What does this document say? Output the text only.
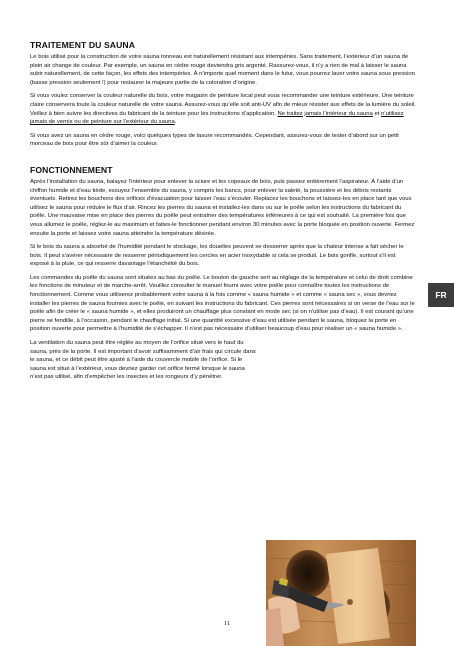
TRAITEMENT DU SAUNA

Le bois utilisé pour la construction de votre sauna tonneau est naturellement résistant aux intempéries. Sans traitement, l’extérieur d’un sauna de plein air change de couleur. Par exemple, un sauna en cèdre rouge deviendra gris argenté. Rassurez-vous, il n’y a rien de mal à laisser le sauna subir naturellement, de cette façon, les effets des intempéries. À n’importe quel moment dans le futur, vous pourrez laver votre sauna sous pression (basse pression seulement !) pour restaurer la majeure partie de la coloration d’origine.

Si vous voulez conserver la couleur naturelle du bois, votre magasin de peinture local peut vous recommander une teinture extérieure. Une teinture claire conservera toute la couleur naturelle de votre sauna. Assurez-vous qu’elle soit anti-UV afin de mieux résister aux effets de la lumière du soleil. Veillez à bien suivre les directives du fabricant de la teinture pour les instructions d’application. Ne traitez jamais l’intérieur du sauna et n’utilisez jamais de vernis ou de peinture sur l’extérieur du sauna.

Si vous avez un sauna en cèdre rouge, voici quelques types de lasure recommandés. Cependant, assurez-vous de tester d’abord sur un petit morceau de bois pour être sûr d’aimer la couleur.

FONCTIONNEMENT

Après l’installation du sauna, balayez l’intérieur pour enlever la sciure et les copeaux de bois, puis passez entièrement l’aspirateur. À l’aide d’un chiffon humide et d’eau tiède, essuyez l’ensemble du sauna, y compris les bancs, pour enlever la saleté, la poussière et les débris restants éventuels. Retirez les bouchons des orifices d’évacuation pour laisser l’eau s’écouler. Replacez les bouchons et laissez-les en place tant que vous utilisez le sauna pour réduire le flux d’air. Rincez les pierres du sauna et installez-les dans ou sur le poêle selon les instructions du fabricant du poêle. Une mauvaise mise en place des pierres du poêle peut entraîner des températures inférieures à ce qui est souhaité. La première fois que vous allumez le poêle, réglez-le au maximum et faites-le fonctionner pendant environ 30 minutes avec la porte bloquée en position ouverte. Fermez ensuite la porte et laissez votre sauna atteindre la température désirée.

Si le bois du sauna a absorbé de l’humidité pendant le stockage, les douelles peuvent se desserrer après que la chaleur intense a fait sécher le bois. Il peut s’avérer nécessaire de resserrer périodiquement les cercles en acier inoxydable si cela se produit. Le bois gonfle, surtout s’il est exposé à la pluie, ce qui resserre davantage l’étanchéité du bois.

Les commandes du poêle du sauna sont situées au bas du poêle. Le bouton de gauche sert au réglage de la température et celui de droit combine les fonctions de minuteur et de marche-arrêt. Veuillez consulter le manuel fourni avec votre poêle pour connaître toutes les instructions de fonctionnement. Comme vous utiliserez probablement votre sauna à la fois comme « sauna humide » et comme « sauna sec », vous devriez installer les pierres de sauna fournies avec le poêle, en suivant les instructions du fabricant. Ces pierres sont nécessaires si on verse de l’eau sur le poêle afin de créer le « sauna humide », et elles produiront un chauffage plus constant en mode sec (si on n’utilise pas d’eau). Il est courant qu’une pierre se fendille, à l’occasion, pendant le chauffage initial. Si une quantité excessive d’eau est utilisée pendant le sauna, bloquez la porte en position ouverte pour permettre à l’humidité de s’échapper. Il n’est pas nécessaire d’utiliser beaucoup d’eau pour réaliser un « sauna humide ».

La ventilation du sauna peut être réglée au moyen de l’orifice situé vers le haut du sauna, près de la porte. Il est important d’avoir suffisamment d’air frais qui circule dans le sauna, et ce débit peut être ajusté à l’aide du couvercle mobile de l’orifice. Si le sauna est situé à l’extérieur, vous devriez garder cet orifice fermé lorsque le sauna n’est pas utilisé, afin d’empêcher les insectes et les rongeurs d’y pénétrer.

FR
11
